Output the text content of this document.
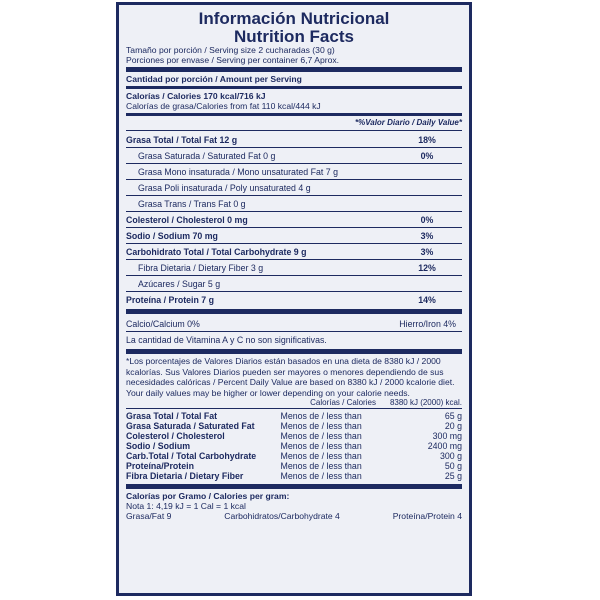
Información Nutricional
Nutrition Facts
Tamaño por porción / Serving size 2 cucharadas (30 g)
Porciones por envase / Serving per container 6,7 Aprox.
Cantidad por porción / Amount per Serving
Calorías / Calories 170 kcal/716 kJ
Calorías de grasa/Calories from fat 110 kcal/444 kJ
*%Valor Diario / Daily Value*
Grasa Total / Total Fat 12 g	18%
Grasa Saturada / Saturated Fat 0 g	0%
Grasa Mono insaturada / Mono unsaturated Fat 7 g
Grasa Poli insaturada / Poly unsaturated 4 g
Grasa Trans / Trans Fat 0 g
Colesterol / Cholesterol 0 mg	0%
Sodio / Sodium 70 mg	3%
Carbohidrato Total / Total Carbohydrate 9 g	3%
Fibra Dietaria / Dietary Fiber 3 g	12%
Azúcares / Sugar 5 g
Proteína / Protein 7 g	14%
Calcio/Calcium 0%	Hierro/Iron 4%
La cantidad de Vitamina A y C no son significativas.
*Los porcentajes de Valores Diarios están basados en una dieta de 8380 kJ / 2000 kcalorías. Sus Valores Diarios pueden ser mayores o menores dependiendo de sus necesidades calóricas / Percent Daily Value are based on 8380 kJ / 2000 kcalorie diet. Your daily values may be higher or lower depending on your calorie needs.
Calorías / Calories 8380 kJ (2000) kcal.
Grasa Total / Total Fat	Menos de / less than	65 g
Grasa Saturada / Saturated Fat	Menos de / less than	20 g
Colesterol / Cholesterol	Menos de / less than	300 mg
Sodio / Sodium	Menos de / less than	2400 mg
Carb.Total / Total Carbohydrate	Menos de / less than	300 g
Proteína/Protein	Menos de / less than	50 g
Fibra Dietaria / Dietary Fiber	Menos de / less than	25 g
Calorías por Gramo / Calories per gram:
Nota 1: 4,19 kJ = 1 Cal = 1 kcal
Grasa/Fat 9	Carbohidratos/Carbohydrate 4	Proteína/Protein 4
